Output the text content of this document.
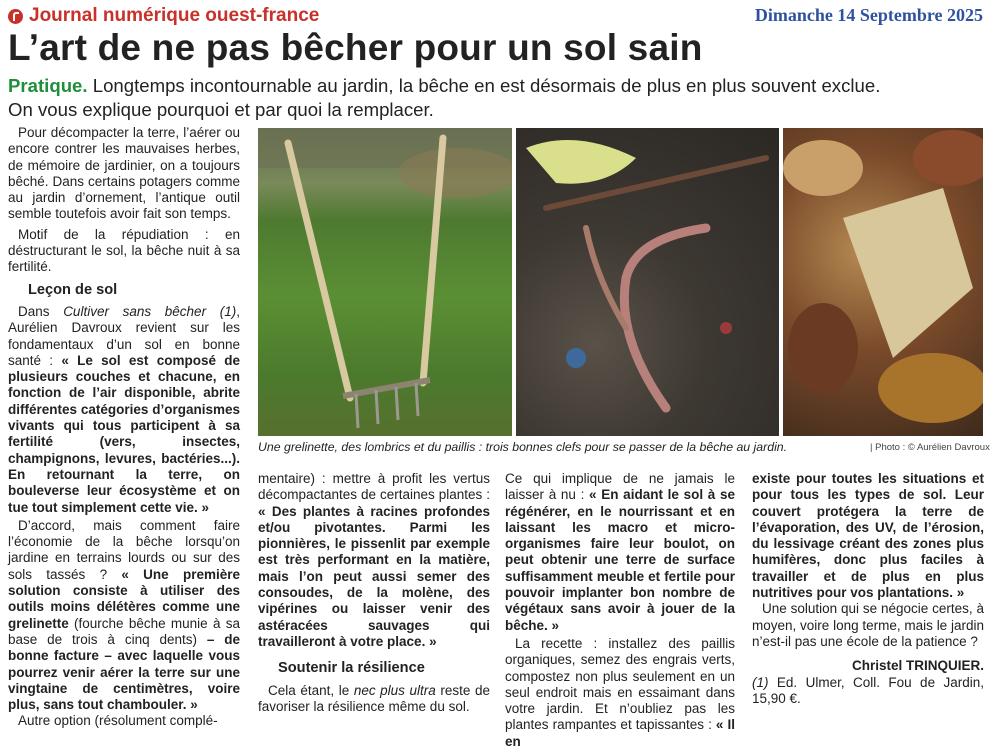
Journal numérique ouest-france	Dimanche 14 Septembre 2025
L’art de ne pas bêcher pour un sol sain
Pratique. Longtemps incontournable au jardin, la bêche en est désormais de plus en plus souvent exclue. On vous explique pourquoi et par quoi la remplacer.

Pour décompacter la terre, l’aérer ou encore contrer les mauvaises herbes, de mémoire de jardinier, on a toujours bêché. Dans certains potagers comme au jardin d’ornement, l’antique outil semble toutefois avoir fait son temps.

Motif de la répudiation : en déstructurant le sol, la bêche nuit à sa fertilité.

Leçon de sol

Dans Cultiver sans bêcher (1), Aurélien Davroux revient sur les fondamentaux d’un sol en bonne santé : « Le sol est composé de plusieurs couches et chacune, en fonction de l’air disponible, abrite différentes catégories d’organismes vivants qui tous participent à sa fertilité (vers, insectes, champignons, levures, bactéries...). En retournant la terre, on bouleverse leur écosystème et on tue tout simplement cette vie. »

D’accord, mais comment faire l’économie de la bêche lorsqu’on jardine en terrains lourds ou sur des sols tassés ? « Une première solution consiste à utiliser des outils moins délétères comme une grelinette (fourche bêche munie à sa base de trois à cinq dents) – de bonne facture – avec laquelle vous pourrez venir aérer la terre sur une vingtaine de centimètres, voire plus, sans tout chambouler. »

Autre option (résolument complé-

Une grelinette, des lombrics et du paillis : trois bonnes clefs pour se passer de la bêche au jardin.	| Photo : © Aurélien Davroux

mentaire) : mettre à profit les vertus décompactantes de certaines plantes : « Des plantes à racines profondes et/ou pivotantes. Parmi les pionnières, le pissenlit par exemple est très performant en la matière, mais l’on peut aussi semer des consoudes, de la molène, des vipérines ou laisser venir des astéracées sauvages qui travailleront à votre place. »

Soutenir la résilience

Cela étant, le nec plus ultra reste de favoriser la résilience même du sol.

Ce qui implique de ne jamais le laisser à nu : « En aidant le sol à se régénérer, en le nourrissant et en laissant les macro et micro-organismes faire leur boulot, on peut obtenir une terre de surface suffisamment meuble et fertile pour pouvoir implanter bon nombre de végétaux sans avoir à jouer de la bêche. »

La recette : installez des paillis organiques, semez des engrais verts, compostez non plus seulement en un seul endroit mais en essaimant dans votre jardin. Et n’oubliez pas les plantes rampantes et tapissantes : « Il en

existe pour toutes les situations et pour tous les types de sol. Leur couvert protégera la terre de l’évaporation, des UV, de l’érosion, du lessivage créant des zones plus humifères, donc plus faciles à travailler et de plus en plus nutritives pour vos plantations. »

Une solution qui se négocie certes, à moyen, voire long terme, mais le jardin n’est-il pas une école de la patience ?

Christel TRINQUIER.

(1) Ed. Ulmer, Coll. Fou de Jardin, 15,90 €.
